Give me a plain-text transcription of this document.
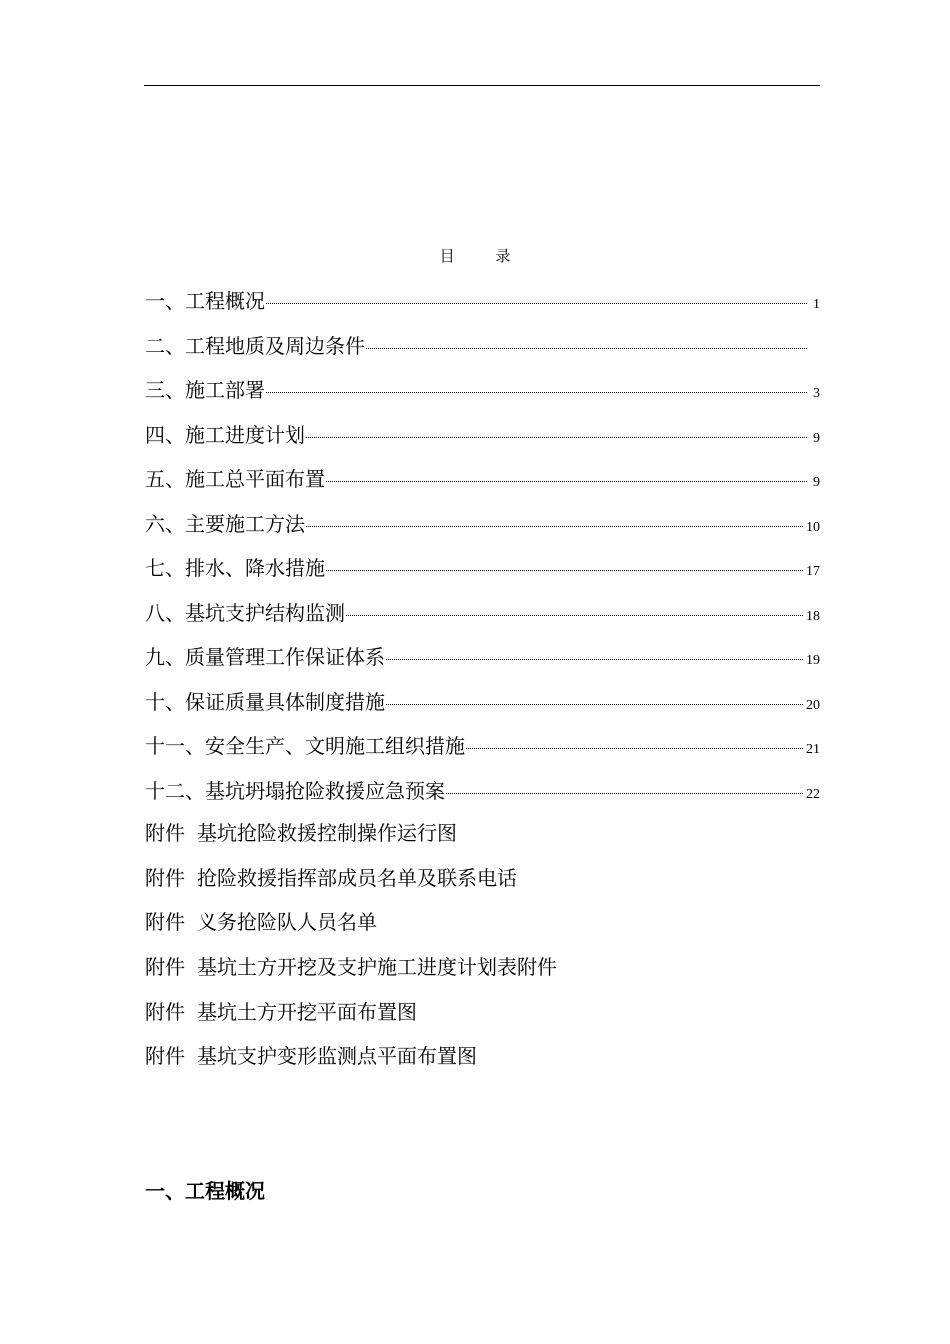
目 录
一、工程概况	1
二、工程地质及周边条件
三、施工部署	3
四、施工进度计划	9
五、施工总平面布置	9
六、主要施工方法	10
七、排水、降水措施	17
八、基坑支护结构监测	18
九、质量管理工作保证体系	19
十、保证质量具体制度措施	20
十一、安全生产、文明施工组织措施	21
十二、基坑坍塌抢险救援应急预案	22
附件 基坑抢险救援控制操作运行图
附件 抢险救援指挥部成员名单及联系电话
附件 义务抢险队人员名单
附件 基坑土方开挖及支护施工进度计划表附件
附件 基坑土方开挖平面布置图
附件 基坑支护变形监测点平面布置图
一、工程概况
